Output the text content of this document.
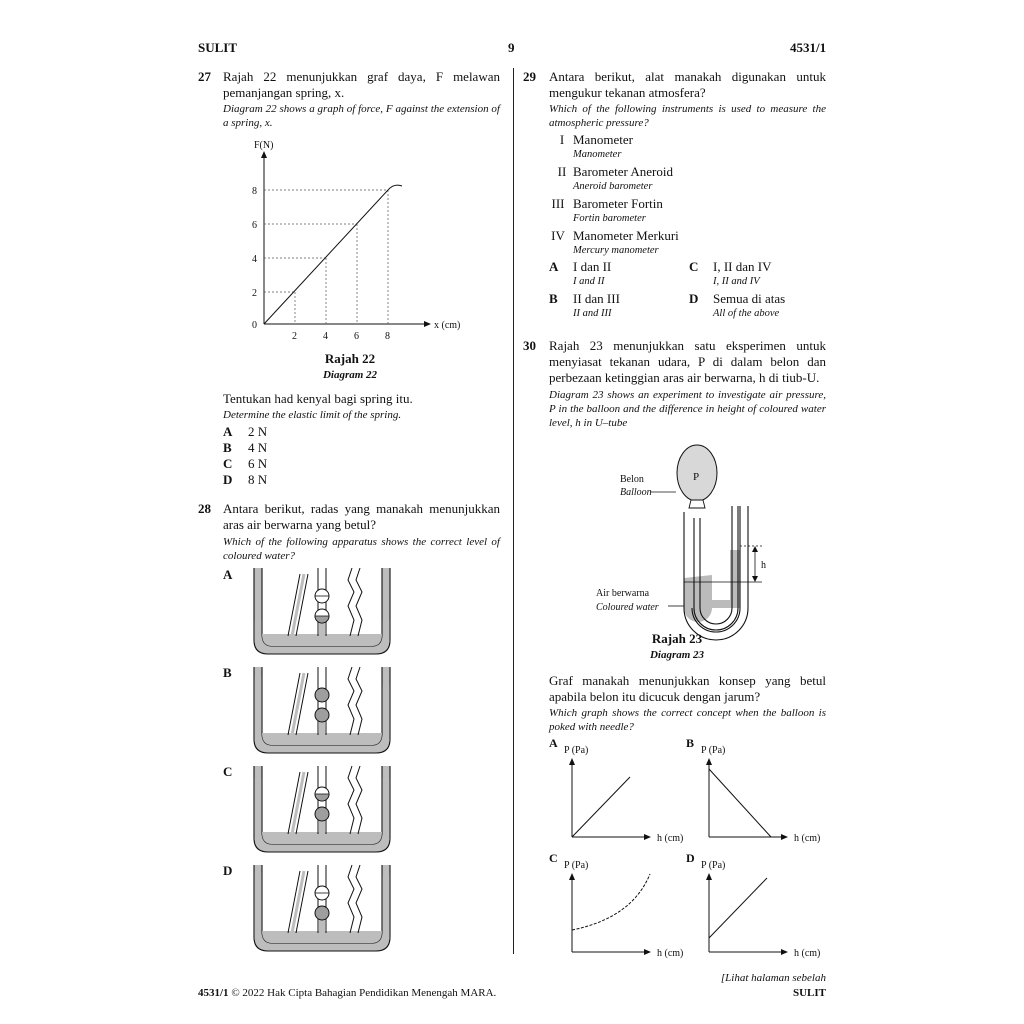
SULIT	9	4531/1
27 Rajah 22 menunjukkan graf daya, F melawan pemanjangan spring, x.
Diagram 22 shows a graph of force, F against the extension of a spring, x.
F(N)
x (cm)
0
2
4
6
8
2	4	6	8
Rajah 22
Diagram 22
Tentukan had kenyal bagi spring itu.
Determine the elastic limit of the spring.
A 2 N
B 4 N
C 6 N
D 8 N
28 Antara berikut, radas yang manakah menunjukkan aras air berwarna yang betul?
Which of the following apparatus shows the correct level of coloured water?
A
B
C
D
29 Antara berikut, alat manakah digunakan untuk mengukur tekanan atmosfera?
Which of the following instruments is used to measure the atmospheric pressure?
I Manometer
Manometer
II Barometer Aneroid
Aneroid barometer
III Barometer Fortin
Fortin barometer
IV Manometer Merkuri
Mercury manometer
A I dan II
I and II
B II dan III
II and III
C I, II dan IV
I, II and IV
D Semua di atas
All of the above
30 Rajah 23 menunjukkan satu eksperimen untuk menyiasat tekanan udara, P di dalam belon dan perbezaan ketinggian aras air berwarna, h di tiub-U.
Diagram 23 shows an experiment to investigate air pressure, P in the balloon and the difference in height of coloured water level, h in U–tube
P
h
Belon
Balloon
Air berwarna
Coloured water
Rajah 23
Diagram 23
Graf manakah menunjukkan konsep yang betul apabila belon itu dicucuk dengan jarum?
Which graph shows the correct concept when the balloon is poked with needle?
A
P (Pa)
h (cm)
B
P (Pa)
h (cm)
C
P (Pa)
h (cm)
D
P (Pa)
h (cm)
4531/1 © 2022 Hak Cipta Bahagian Pendidikan Menengah MARA.
[Lihat halaman sebelah
SULIT
